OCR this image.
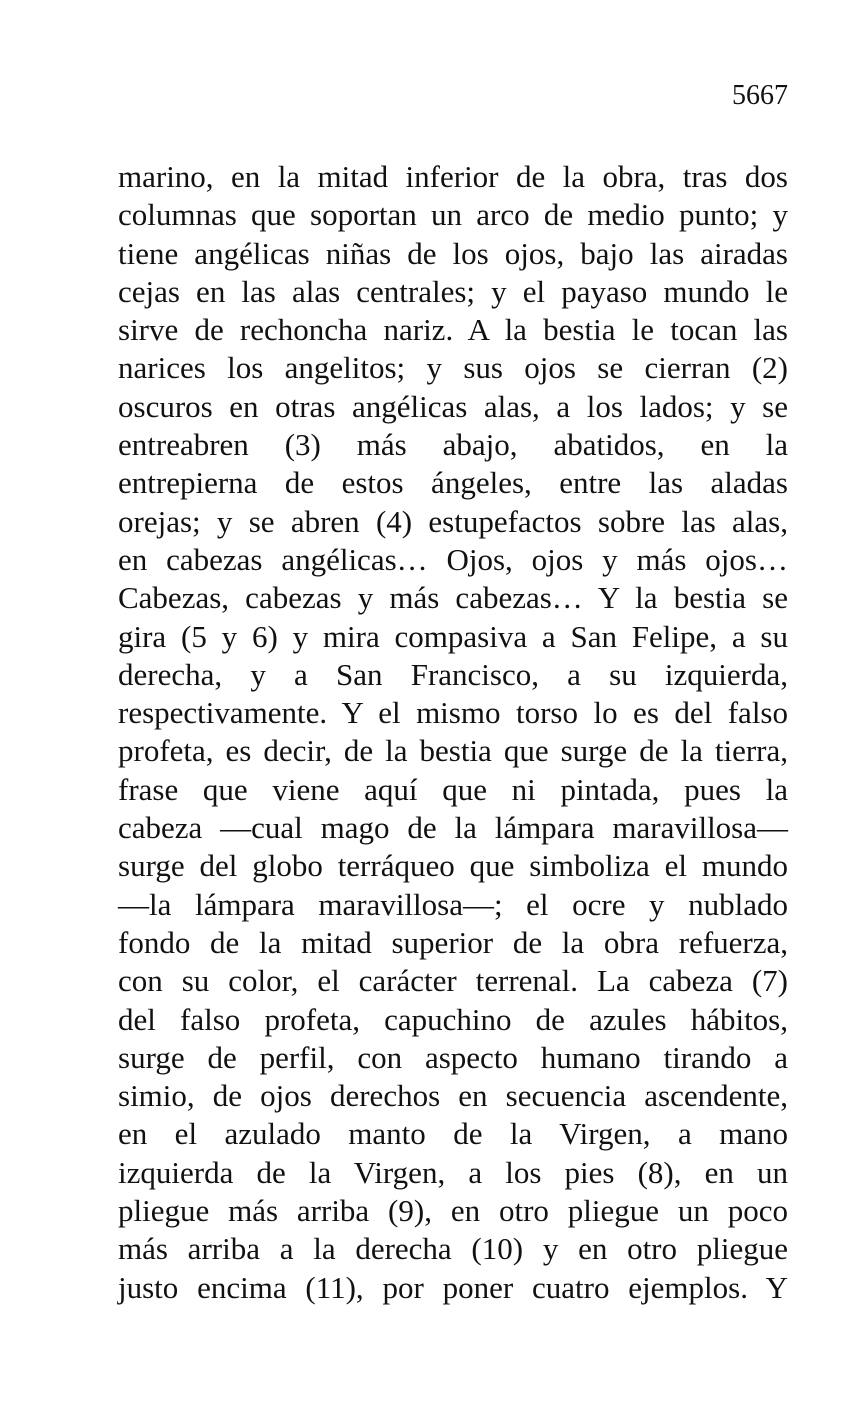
5667
marino, en la mitad inferior de la obra, tras dos
columnas que soportan un arco de medio punto; y
tiene angélicas niñas de los ojos, bajo las airadas
cejas en las alas centrales; y el payaso mundo le
sirve de rechoncha nariz. A la bestia le tocan las
narices los angelitos; y sus ojos se cierran (2)
oscuros en otras angélicas alas, a los lados; y se
entreabren (3) más abajo, abatidos, en la
entrepierna de estos ángeles, entre las aladas
orejas; y se abren (4) estupefactos sobre las alas,
en cabezas angélicas… Ojos, ojos y más ojos…
Cabezas, cabezas y más cabezas… Y la bestia se
gira (5 y 6) y mira compasiva a San Felipe, a su
derecha, y a San Francisco, a su izquierda,
respectivamente. Y el mismo torso lo es del falso
profeta, es decir, de la bestia que surge de la tierra,
frase que viene aquí que ni pintada, pues la
cabeza —cual mago de la lámpara maravillosa—
surge del globo terráqueo que simboliza el mundo
—la lámpara maravillosa—; el ocre y nublado
fondo de la mitad superior de la obra refuerza,
con su color, el carácter terrenal. La cabeza (7)
del falso profeta, capuchino de azules hábitos,
surge de perfil, con aspecto humano tirando a
simio, de ojos derechos en secuencia ascendente,
en el azulado manto de la Virgen, a mano
izquierda de la Virgen, a los pies (8), en un
pliegue más arriba (9), en otro pliegue un poco
más arriba a la derecha (10) y en otro pliegue
justo encima (11), por poner cuatro ejemplos. Y
